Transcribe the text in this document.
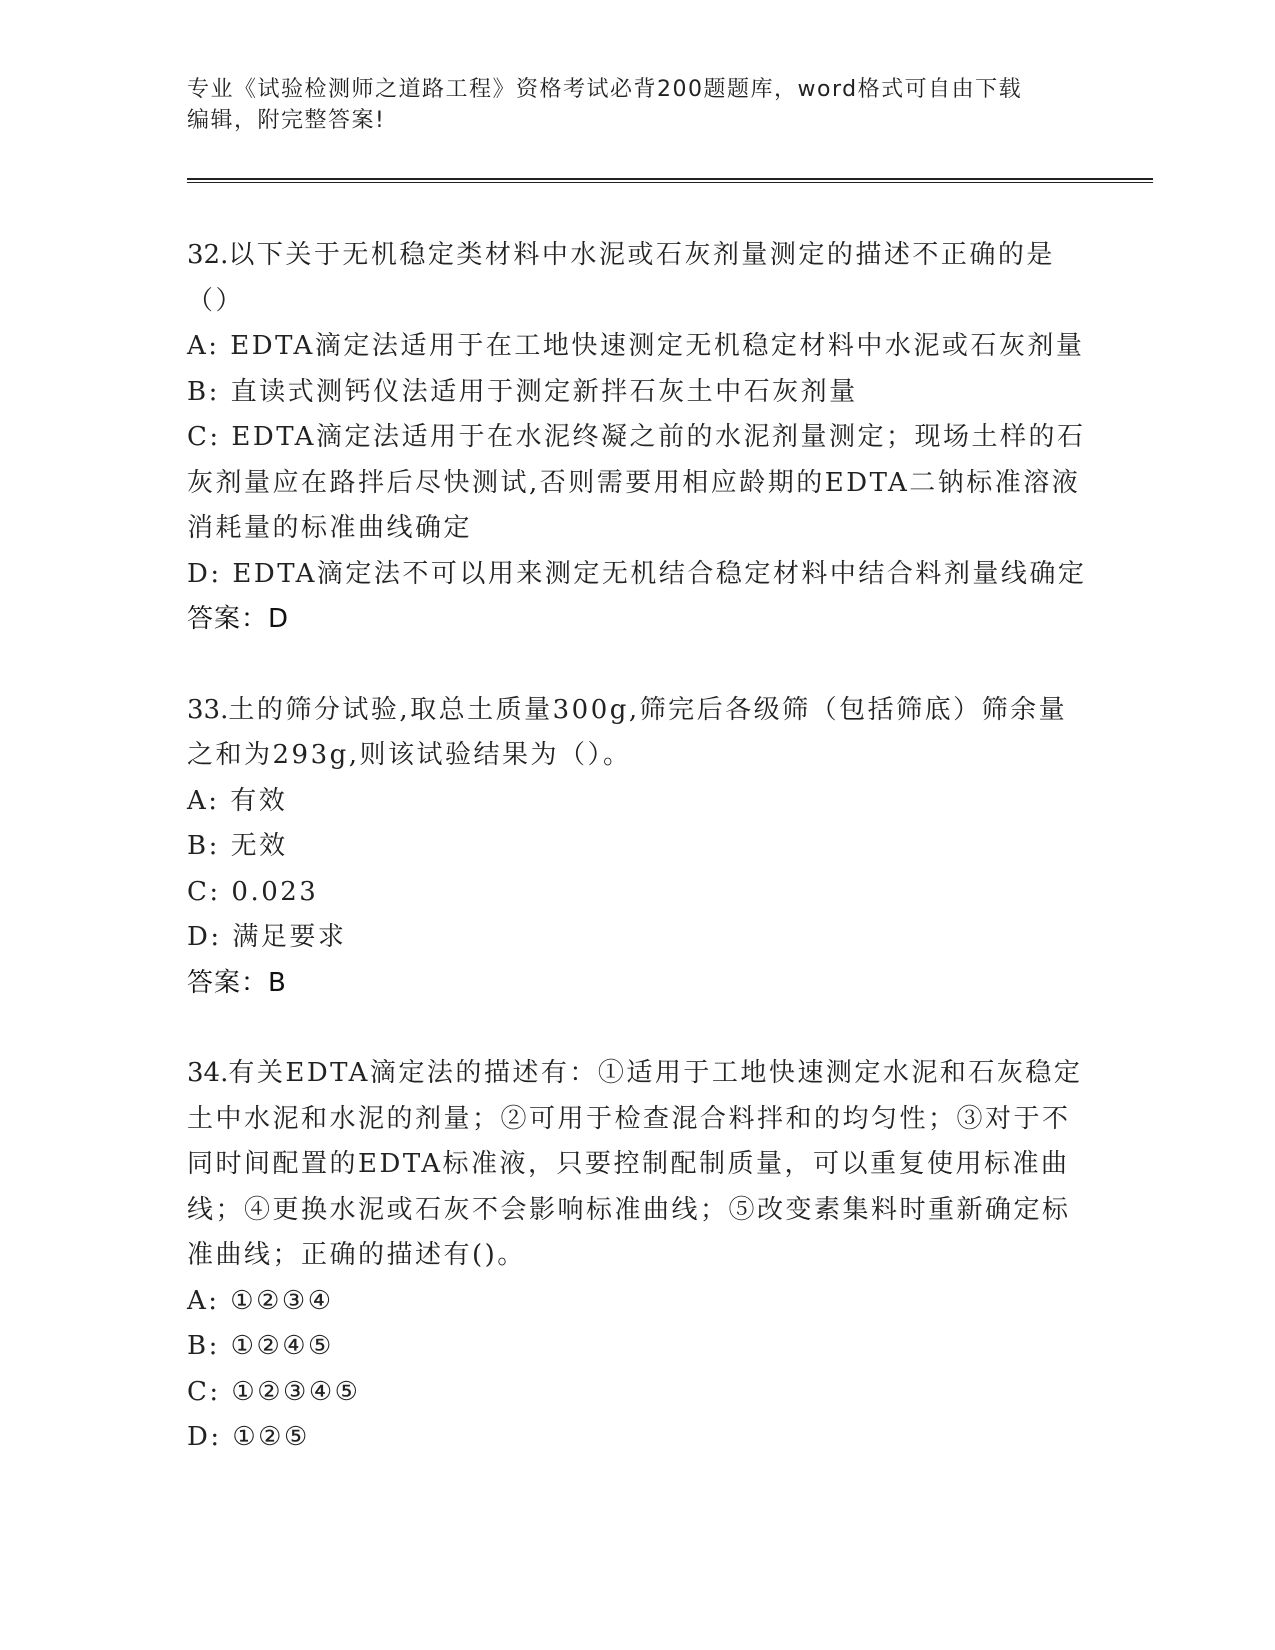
专业《试验检测师之道路工程》资格考试必背200题题库，word格式可自由下载
编辑，附完整答案!
32.以下关于无机稳定类材料中水泥或石灰剂量测定的描述不正确的是（）
A: EDTA滴定法适用于在工地快速测定无机稳定材料中水泥或石灰剂量
B: 直读式测钙仪法适用于测定新拌石灰土中石灰剂量
C: EDTA滴定法适用于在水泥终凝之前的水泥剂量测定；现场土样的石灰剂量应在路拌后尽快测试,否则需要用相应龄期的EDTA二钠标准溶液消耗量的标准曲线确定
D: EDTA滴定法不可以用来测定无机结合稳定材料中结合料剂量线确定
答案：D
33.土的筛分试验,取总土质量300g,筛完后各级筛（包括筛底）筛余量之和为293g,则该试验结果为（）。
A: 有效
B: 无效
C: 0.023
D: 满足要求
答案：B
34.有关EDTA滴定法的描述有：①适用于工地快速测定水泥和石灰稳定土中水泥和水泥的剂量；②可用于检查混合料拌和的均匀性；③对于不同时间配置的EDTA标准液，只要控制配制质量，可以重复使用标准曲线；④更换水泥或石灰不会影响标准曲线；⑤改变素集料时重新确定标准曲线；正确的描述有()。
A: ①②③④
B: ①②④⑤
C: ①②③④⑤
D: ①②⑤
